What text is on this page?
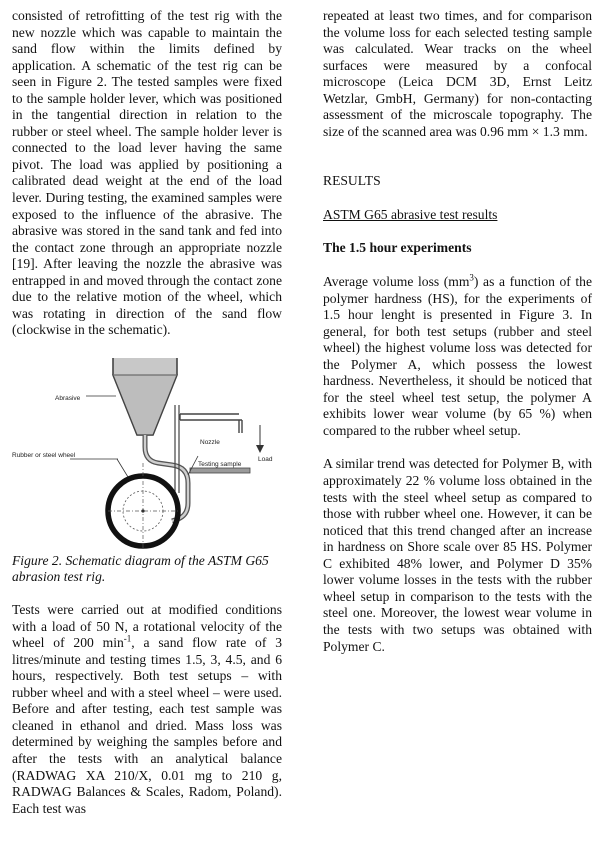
consisted of retrofitting of the test rig with the new nozzle which was capable to maintain the sand flow within the limits defined by application. A schematic of the test rig can be seen in Figure 2. The tested samples were fixed to the sample holder lever, which was positioned in the tangential direction in relation to the rubber or steel wheel. The sample holder lever is connected to the load lever having the same pivot. The load was applied by positioning a calibrated dead weight at the end of the load lever. During testing, the examined samples were exposed to the influence of the abrasive. The abrasive was stored in the sand tank and fed into the contact zone through an appropriate nozzle [19]. After leaving the nozzle the abrasive was entrapped in and moved through the contact zone due to the relative motion of the wheel, which was rotating in direction of the sand flow (clockwise in the schematic).

Abrasive
Nozzle
Rubber or steel wheel
Testing sample
Load

Figure 2. Schematic diagram of the ASTM G65 abrasion test rig.

Tests were carried out at modified conditions with a load of 50 N, a rotational velocity of the wheel of 200 $\min^{-1}$, a sand flow rate of 3 litres/minute and testing times 1.5, 3, 4.5, and 6 hours, respectively. Both test setups – with rubber wheel and with a steel wheel – were used. Before and after testing, each test sample was cleaned in ethanol and dried. Mass loss was determined by weighing the samples before and after the tests with an analytical balance (RADWAG XA 210/X, 0.01 mg to 210 g, RADWAG Balances & Scales, Radom, Poland). Each test was

repeated at least two times, and for comparison the volume loss for each selected testing sample was calculated. Wear tracks on the wheel surfaces were measured by a confocal microscope (Leica DCM 3D, Ernst Leitz Wetzlar, GmbH, Germany) for non-contacting assessment of the microscale topography. The size of the scanned area was 0.96 mm × 1.3 mm.

RESULTS

ASTM G65 abrasive test results

The 1.5 hour experiments

Average volume loss $(mm^3)$ as a function of the polymer hardness (HS), for the experiments of 1.5 hour lenght is presented in Figure 3. In general, for both test setups (rubber and steel wheel) the highest volume loss was detected for the Polymer A, which possess the lowest hardness. Nevertheless, it should be noticed that for the steel wheel test setup, the polymer A exhibits lower wear volume (by 65 %) when compared to the rubber wheel setup.

A similar trend was detected for Polymer B, with approximately 22 % volume loss obtained in the tests with the steel wheel setup as compared to those with rubber wheel one. However, it can be noticed that this trend changed after an increase in hardness on Shore scale over 85 HS. Polymer C exhibited 48% lower, and Polymer D 35% lower volume losses in the tests with the rubber wheel setup in comparison to the tests with the steel one. Moreover, the lowest wear volume in the tests with two setups was obtained with Polymer C.
